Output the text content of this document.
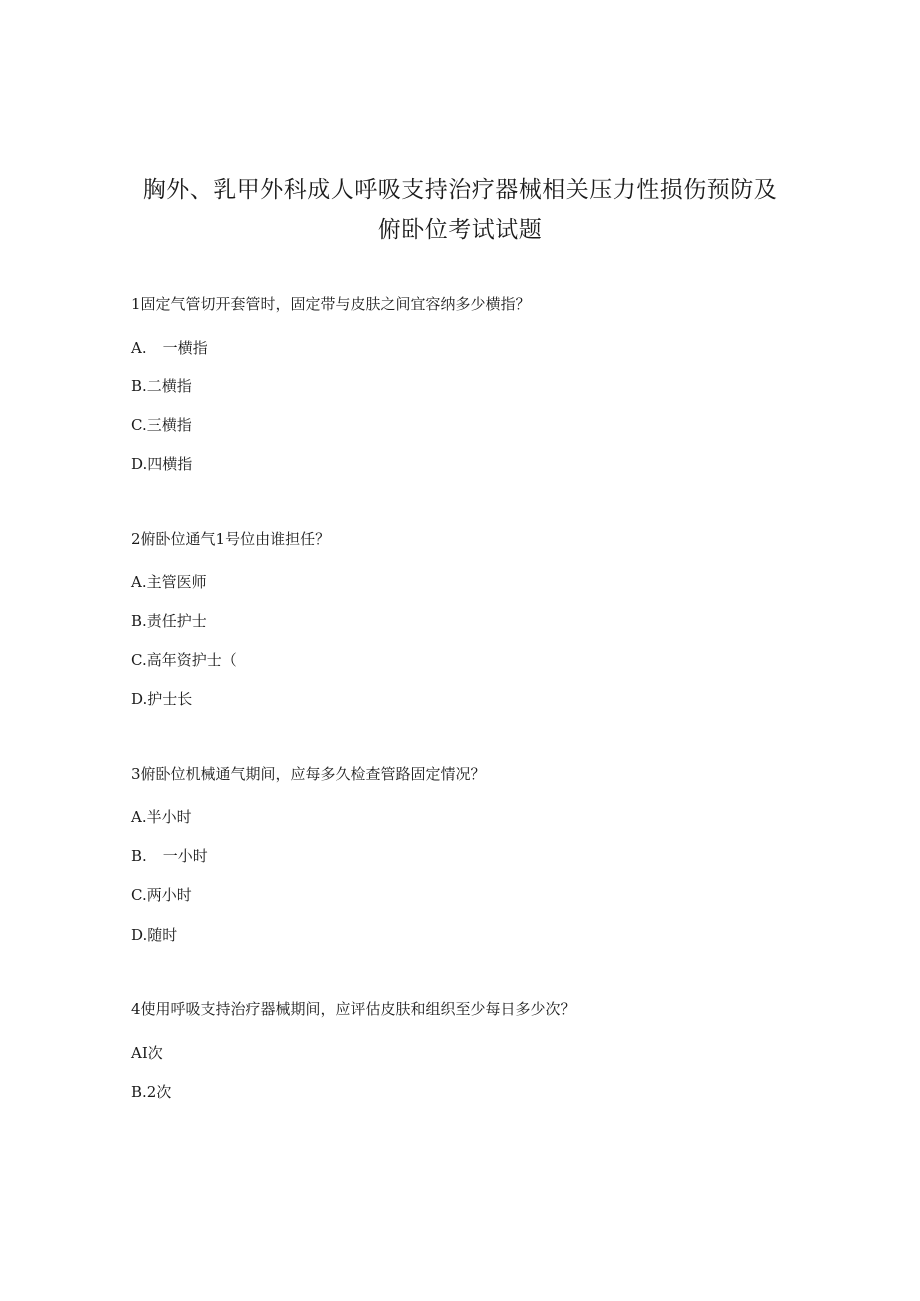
胸外、乳甲外科成人呼吸支持治疗器械相关压力性损伤预防及
俯卧位考试试题
1固定气管切开套管时，固定带与皮肤之间宜容纳多少横指？
A. 一横指
B.二横指
C.三横指
D.四横指
2俯卧位通气1号位由谁担任？
A.主管医师
B.责任护士
C.高年资护士（
D.护士长
3俯卧位机械通气期间，应每多久检查管路固定情况？
A.半小时
B. 一小时
C.两小时
D.随时
4使用呼吸支持治疗器械期间，应评估皮肤和组织至少每日多少次？
AI次
B.2次
